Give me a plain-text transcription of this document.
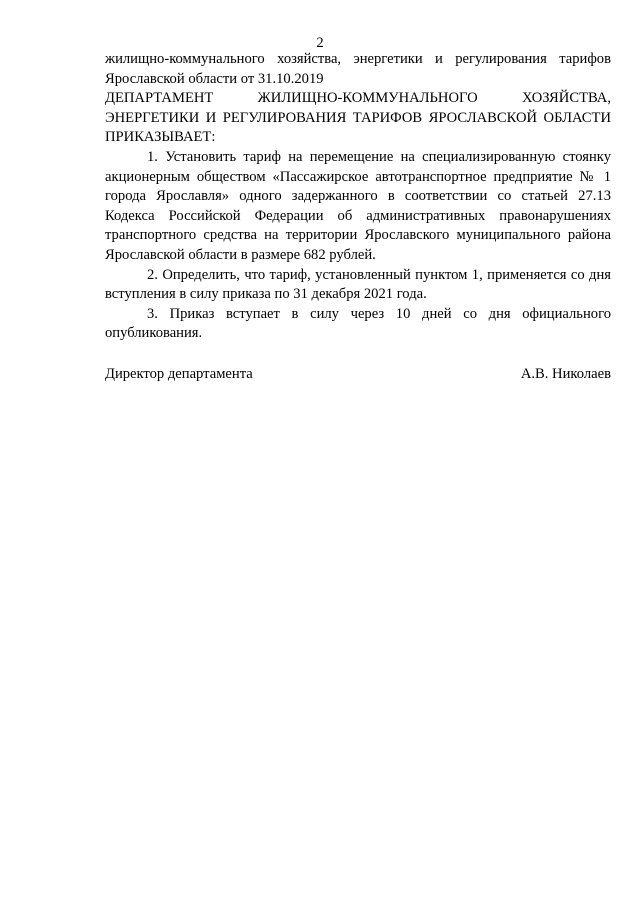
2

жилищно-коммунального хозяйства, энергетики и регулирования тарифов Ярославской области от 31.10.2019

ДЕПАРТАМЕНТ ЖИЛИЩНО-КОММУНАЛЬНОГО ХОЗЯЙСТВА, ЭНЕРГЕТИКИ И РЕГУЛИРОВАНИЯ ТАРИФОВ ЯРОСЛАВСКОЙ ОБЛАСТИ ПРИКАЗЫВАЕТ:

1. Установить тариф на перемещение на специализированную стоянку акционерным обществом «Пассажирское автотранспортное предприятие № 1 города Ярославля» одного задержанного в соответствии со статьей 27.13 Кодекса Российской Федерации об административных правонарушениях транспортного средства на территории Ярославского муниципального района Ярославской области в размере 682 рублей.

2. Определить, что тариф, установленный пунктом 1, применяется со дня вступления в силу приказа по 31 декабря 2021 года.

3. Приказ вступает в силу через 10 дней со дня официального опубликования.

Директор департамента	А.В. Николаев
